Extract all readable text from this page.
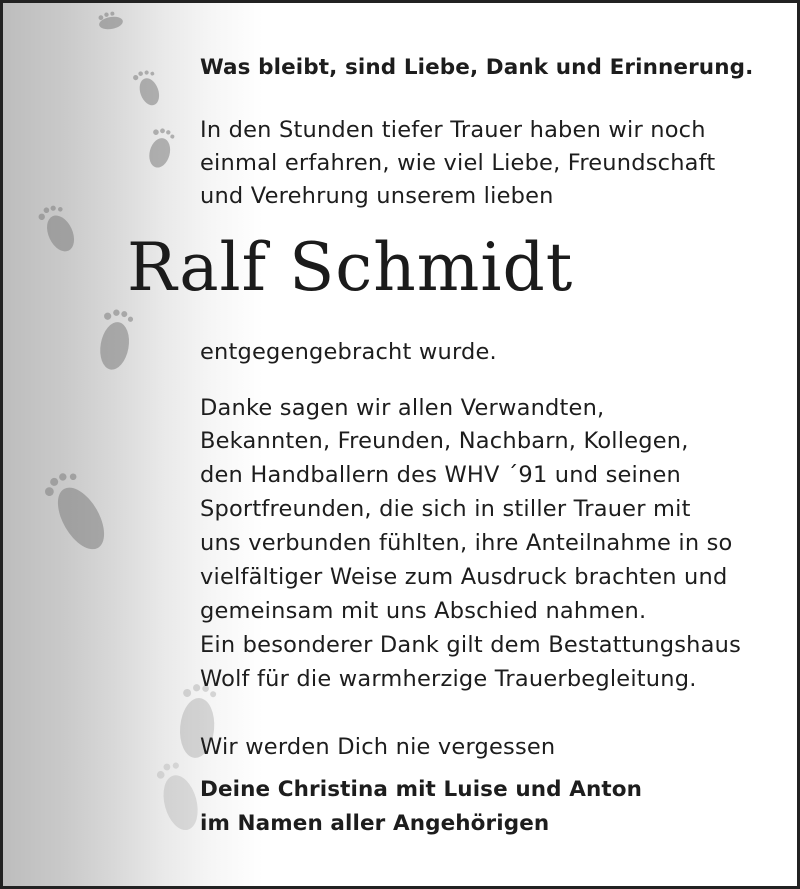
Was bleibt, sind Liebe, Dank und Erinnerung.
In den Stunden tiefer Trauer haben wir noch
einmal erfahren, wie viel Liebe, Freundschaft
und Verehrung unserem lieben
Ralf Schmidt
entgegengebracht wurde.
Danke sagen wir allen Verwandten,
Bekannten, Freunden, Nachbarn, Kollegen,
den Handballern des WHV ´91 und seinen
Sportfreunden, die sich in stiller Trauer mit
uns verbunden fühlten, ihre Anteilnahme in so
vielfältiger Weise zum Ausdruck brachten und
gemeinsam mit uns Abschied nahmen.
Ein besonderer Dank gilt dem Bestattungshaus
Wolf für die warmherzige Trauerbegleitung.
Wir werden Dich nie vergessen
Deine Christina mit Luise und Anton
im Namen aller Angehörigen
